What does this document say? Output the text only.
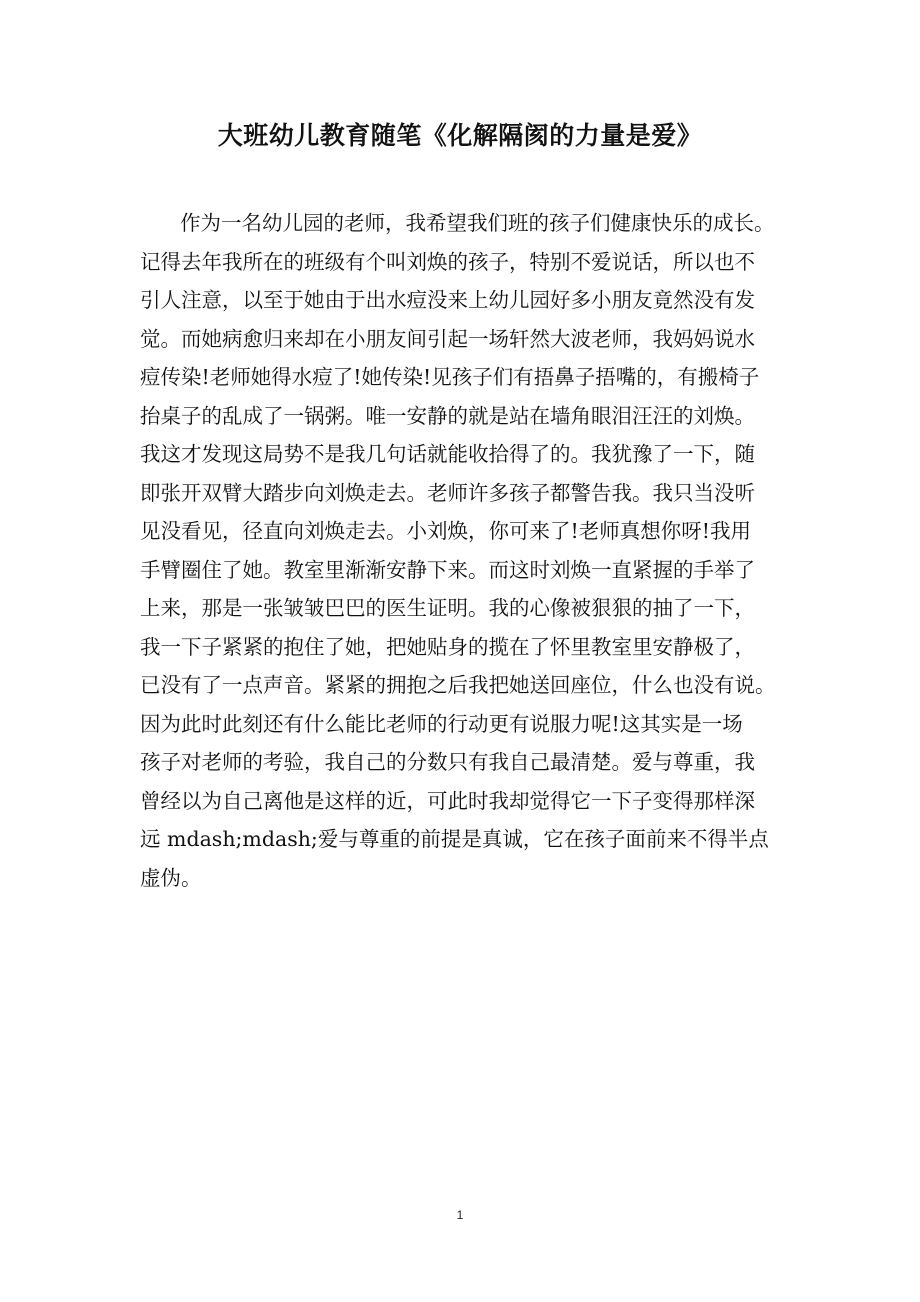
大班幼儿教育随笔《化解隔阂的力量是爱》
作为一名幼儿园的老师，我希望我们班的孩子们健康快乐的成长。
记得去年我所在的班级有个叫刘焕的孩子，特别不爱说话，所以也不
引人注意，以至于她由于出水痘没来上幼儿园好多小朋友竟然没有发
觉。而她病愈归来却在小朋友间引起一场轩然大波老师，我妈妈说水
痘传染!老师她得水痘了!她传染!见孩子们有捂鼻子捂嘴的，有搬椅子
抬桌子的乱成了一锅粥。唯一安静的就是站在墙角眼泪汪汪的刘焕。
我这才发现这局势不是我几句话就能收拾得了的。我犹豫了一下，随
即张开双臂大踏步向刘焕走去。老师许多孩子都警告我。我只当没听
见没看见，径直向刘焕走去。小刘焕，你可来了!老师真想你呀!我用
手臂圈住了她。教室里渐渐安静下来。而这时刘焕一直紧握的手举了
上来，那是一张皱皱巴巴的医生证明。我的心像被狠狠的抽了一下，
我一下子紧紧的抱住了她，把她贴身的揽在了怀里教室里安静极了，
已没有了一点声音。紧紧的拥抱之后我把她送回座位，什么也没有说。
因为此时此刻还有什么能比老师的行动更有说服力呢!这其实是一场
孩子对老师的考验，我自己的分数只有我自己最清楚。爱与尊重，我
曾经以为自己离他是这样的近，可此时我却觉得它一下子变得那样深
远 mdash;mdash;爱与尊重的前提是真诚，它在孩子面前来不得半点
虚伪。
1
